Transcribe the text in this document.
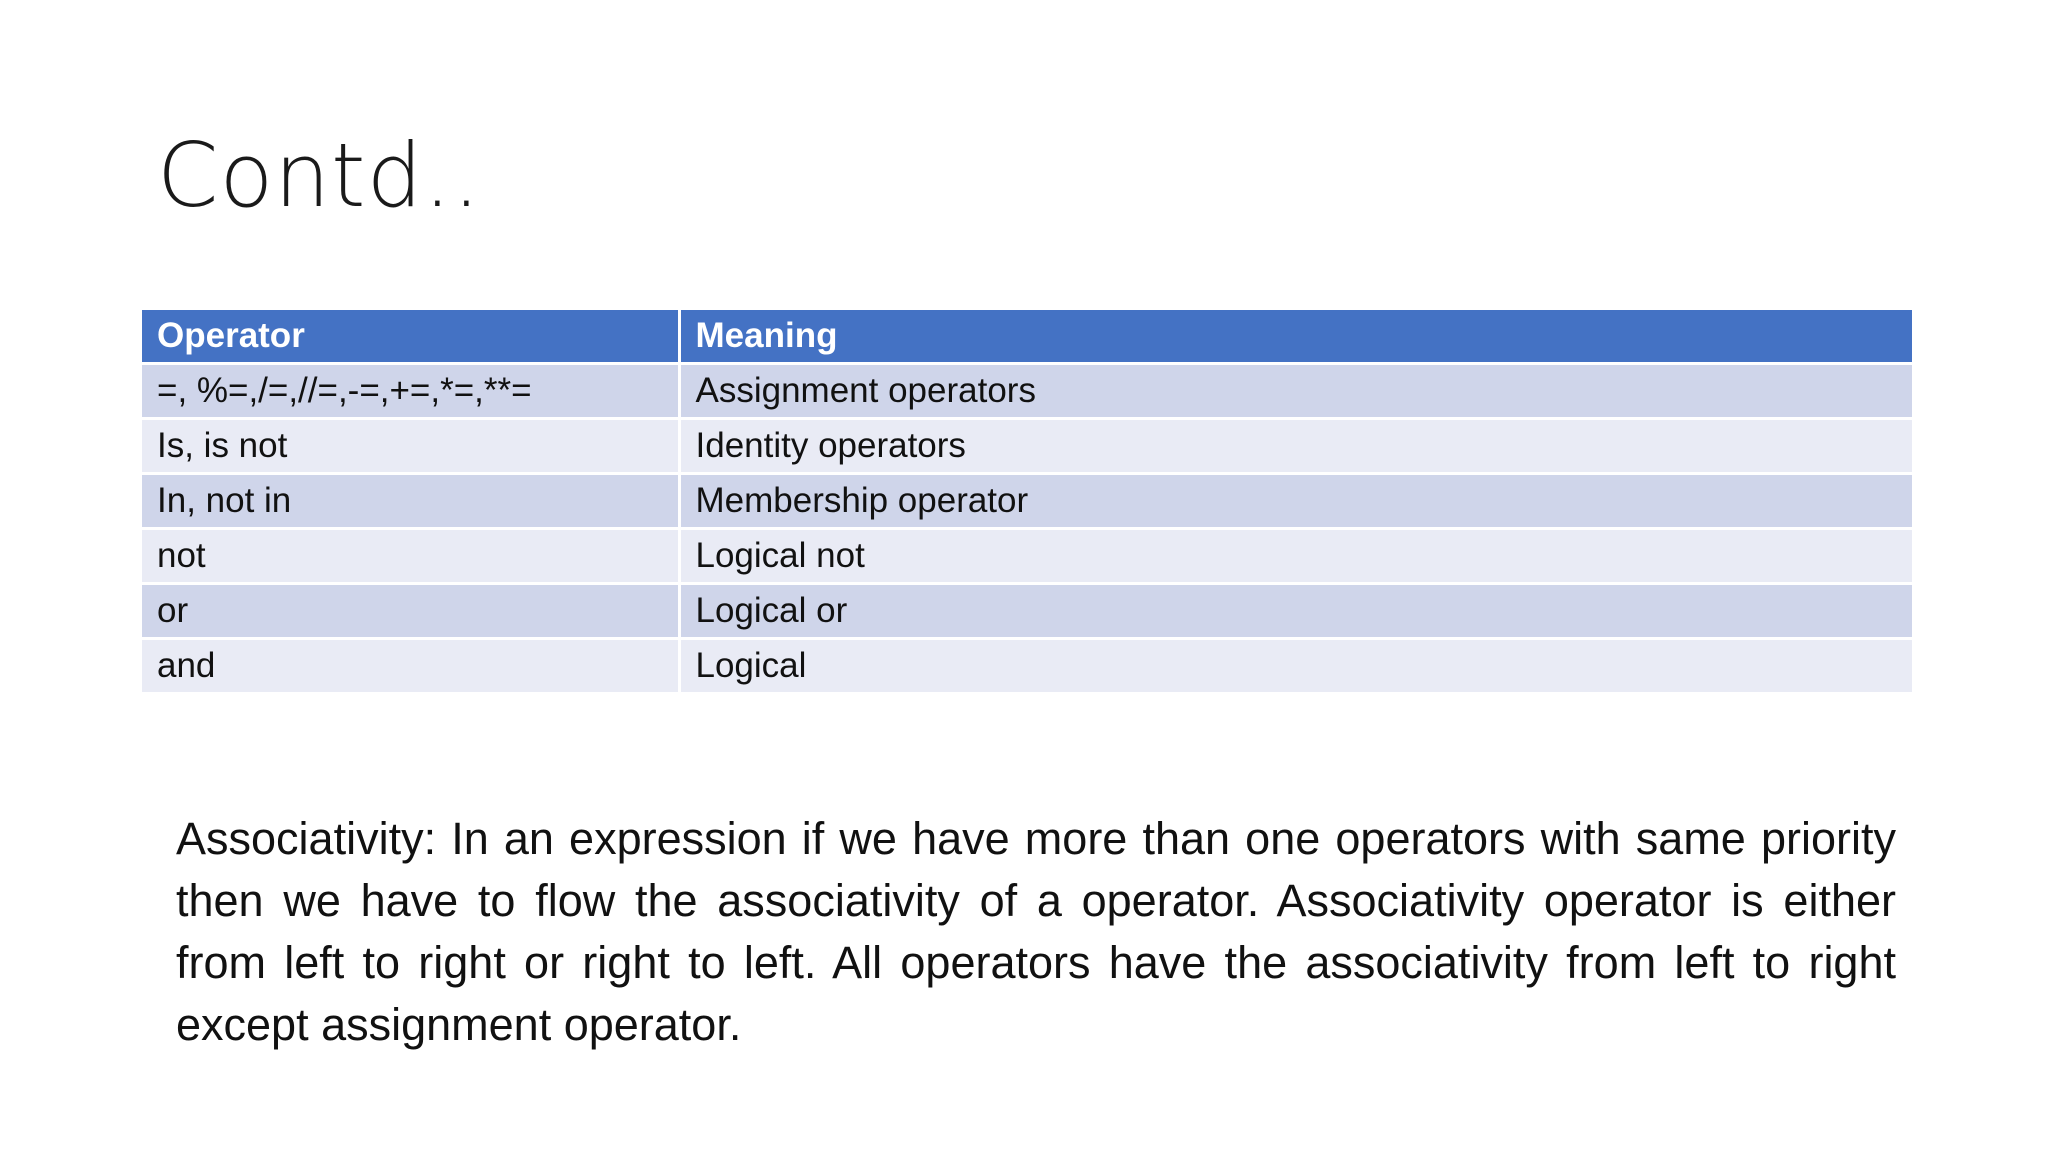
Contd..
Operator	Meaning
=, %=,/=,//=,-=,+=,*=,**=	Assignment operators
Is, is not	Identity operators
In, not in	Membership operator
not	Logical not
or	Logical or
and	Logical
Associativity: In an expression if we have more than one operators with same priority then we have to flow the associativity of a operator. Associativity operator is either from left to right or right to left. All operators have the associativity from left to right except assignment operator.
